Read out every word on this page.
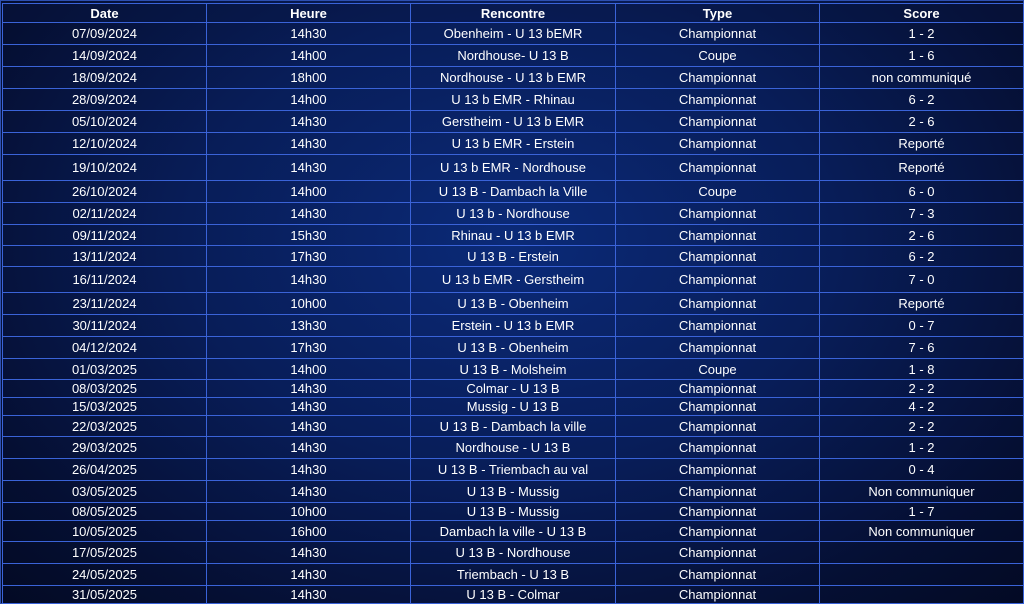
Date	Heure	Rencontre	Type	Score
07/09/2024	14h30	Obenheim - U 13 bEMR	Championnat	1 - 2
14/09/2024	14h00	Nordhouse- U 13 B	Coupe	1 - 6
18/09/2024	18h00	Nordhouse - U 13 b EMR	Championnat	non communiqué
28/09/2024	14h00	U 13 b EMR - Rhinau	Championnat	6 - 2
05/10/2024	14h30	Gerstheim - U 13 b EMR	Championnat	2 - 6
12/10/2024	14h30	U 13 b EMR - Erstein	Championnat	Reporté
19/10/2024	14h30	U 13 b EMR - Nordhouse	Championnat	Reporté
26/10/2024	14h00	U 13 B - Dambach la Ville	Coupe	6 - 0
02/11/2024	14h30	U 13 b - Nordhouse	Championnat	7 - 3
09/11/2024	15h30	Rhinau - U 13 b EMR	Championnat	2 - 6
13/11/2024	17h30	U 13 B - Erstein	Championnat	6 - 2
16/11/2024	14h30	U 13 b EMR - Gerstheim	Championnat	7 - 0
23/11/2024	10h00	U 13 B - Obenheim	Championnat	Reporté
30/11/2024	13h30	Erstein - U 13 b EMR	Championnat	0 - 7
04/12/2024	17h30	U 13 B - Obenheim	Championnat	7 - 6
01/03/2025	14h00	U 13 B - Molsheim	Coupe	1 - 8
08/03/2025	14h30	Colmar - U 13 B	Championnat	2 - 2
15/03/2025	14h30	Mussig - U 13 B	Championnat	4 - 2
22/03/2025	14h30	U 13 B - Dambach la ville	Championnat	2 - 2
29/03/2025	14h30	Nordhouse - U 13 B	Championnat	1 - 2
26/04/2025	14h30	U 13 B - Triembach au val	Championnat	0 - 4
03/05/2025	14h30	U 13 B - Mussig	Championnat	Non communiquer
08/05/2025	10h00	U 13 B - Mussig	Championnat	1 - 7
10/05/2025	16h00	Dambach la ville - U 13 B	Championnat	Non communiquer
17/05/2025	14h30	U 13 B - Nordhouse	Championnat	
24/05/2025	14h30	Triembach - U 13 B	Championnat	
31/05/2025	14h30	U 13 B - Colmar	Championnat	
